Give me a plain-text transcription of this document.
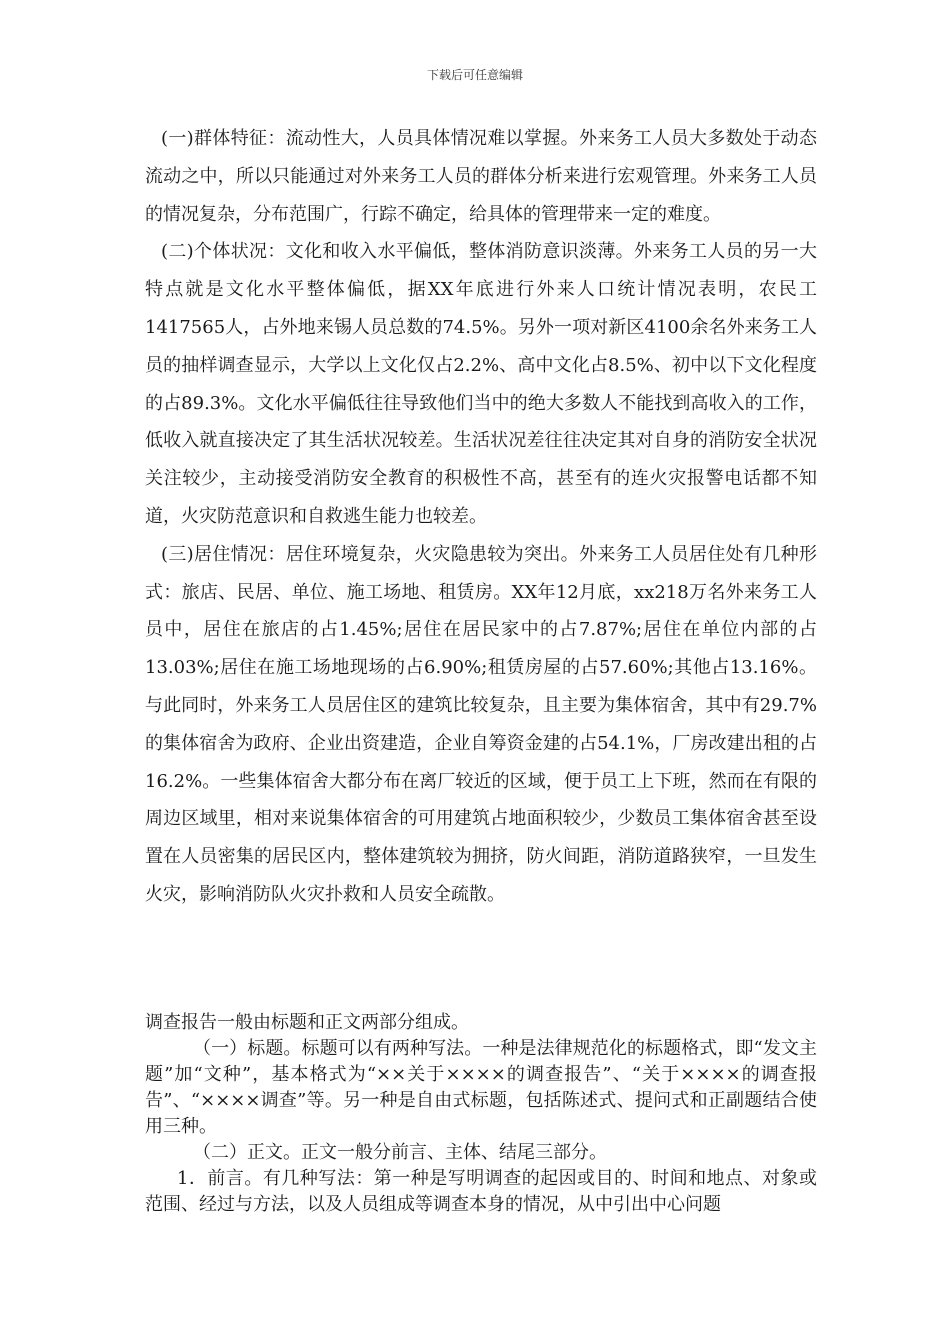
下载后可任意编辑

(一)群体特征：流动性大，人员具体情况难以掌握。外来务工人员大多数处于动态流动之中，所以只能通过对外来务工人员的群体分析来进行宏观管理。外来务工人员的情况复杂，分布范围广，行踪不确定，给具体的管理带来一定的难度。

(二)个体状况：文化和收入水平偏低，整体消防意识淡薄。外来务工人员的另一大特点就是文化水平整体偏低，据XX年底进行外来人口统计情况表明，农民工1417565人，占外地来锡人员总数的74.5%。另外一项对新区4100余名外来务工人员的抽样调查显示，大学以上文化仅占2.2%、高中文化占8.5%、初中以下文化程度的占89.3%。文化水平偏低往往导致他们当中的绝大多数人不能找到高收入的工作，低收入就直接决定了其生活状况较差。生活状况差往往决定其对自身的消防安全状况关注较少，主动接受消防安全教育的积极性不高，甚至有的连火灾报警电话都不知道，火灾防范意识和自救逃生能力也较差。

(三)居住情况：居住环境复杂，火灾隐患较为突出。外来务工人员居住处有几种形式：旅店、民居、单位、施工场地、租赁房。XX年12月底，xx218万名外来务工人员中，居住在旅店的占1.45%;居住在居民家中的占7.87%;居住在单位内部的占13.03%;居住在施工场地现场的占6.90%;租赁房屋的占57.60%;其他占13.16%。与此同时，外来务工人员居住区的建筑比较复杂，且主要为集体宿舍，其中有29.7%的集体宿舍为政府、企业出资建造，企业自筹资金建的占54.1%，厂房改建出租的占16.2%。一些集体宿舍大都分布在离厂较近的区域，便于员工上下班，然而在有限的周边区域里，相对来说集体宿舍的可用建筑占地面积较少，少数员工集体宿舍甚至设置在人员密集的居民区内，整体建筑较为拥挤，防火间距，消防道路狭窄，一旦发生火灾，影响消防队火灾扑救和人员安全疏散。

调查报告一般由标题和正文两部分组成。

（一）标题。标题可以有两种写法。一种是法律规范化的标题格式，即“发文主题”加“文种”，基本格式为“××关于××××的调查报告”、“关于××××的调查报告”、“××××调查”等。另一种是自由式标题，包括陈述式、提问式和正副题结合使用三种。

（二）正文。正文一般分前言、主体、结尾三部分。

1．前言。有几种写法：第一种是写明调查的起因或目的、时间和地点、对象或范围、经过与方法，以及人员组成等调查本身的情况，从中引出中心问题
